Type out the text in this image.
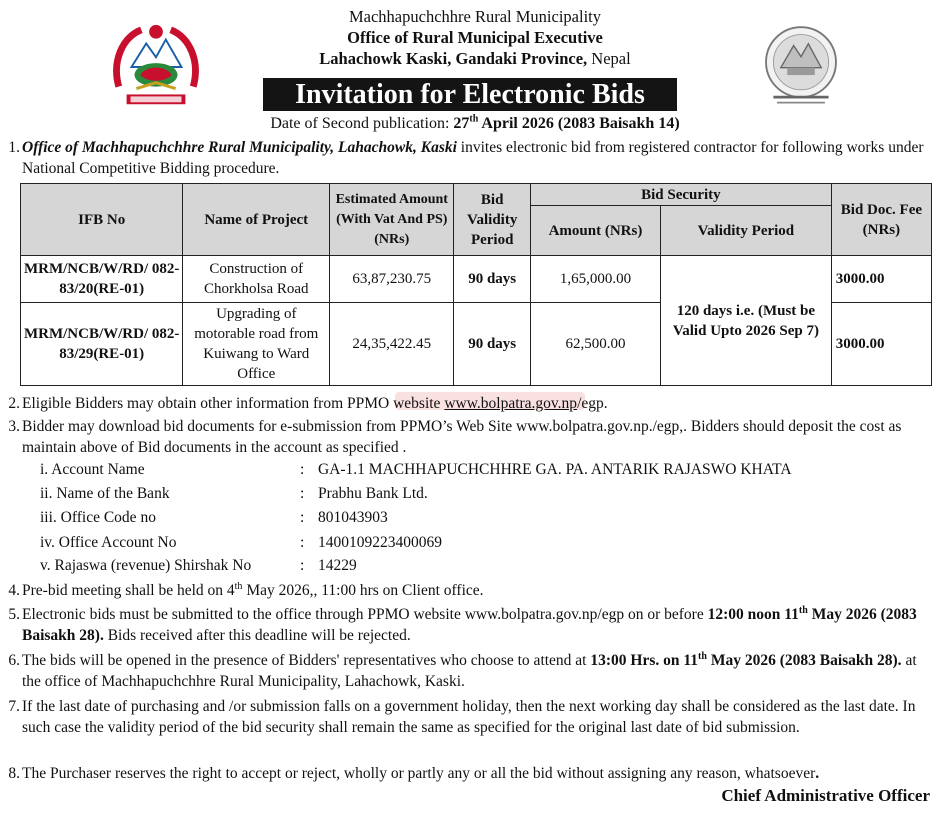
Machhapuchchhre Rural Municipality
Office of Rural Municipal Executive
Lahachowk Kaski, Gandaki Province, Nepal
Invitation for Electronic Bids
Date of Second publication: 27th April 2026 (2083 Baisakh 14)
1. Office of Machhapuchchhre Rural Municipality, Lahachowk, Kaski invites electronic bid from registered contractor for following works under National Competitive Bidding procedure.
IFB No	Name of Project	Estimated Amount (With Vat And PS) (NRs)	Bid Validity Period	Bid Security		Bid Doc. Fee (NRs)
				Amount (NRs)	Validity Period	
MRM/NCB/W/RD/ 082-83/20(RE-01)	Construction of Chorkholsa Road	63,87,230.75	90 days	1,65,000.00	120 days i.e. (Must be Valid Upto 2026 Sep 7)	3000.00
MRM/NCB/W/RD/ 082-83/29(RE-01)	Upgrading of motorable road from Kuiwang to Ward Office	24,35,422.45	90 days	62,500.00		3000.00
2. Eligible Bidders may obtain other information from PPMO website www.bolpatra.gov.np/egp.
3. Bidder may download bid documents for e-submission from PPMO’s Web Site www.bolpatra.gov.np./egp,. Bidders should deposit the cost as maintain above of Bid documents in the account as specified .
i. Account Name	: GA-1.1 MACHHAPUCHCHHRE GA. PA. ANTARIK RAJASWO KHATA
ii. Name of the Bank	: Prabhu Bank Ltd.
iii. Office Code no	: 801043903
iv. Office Account No	: 1400109223400069
v. Rajaswa (revenue) Shirshak No	: 14229
4. Pre-bid meeting shall be held on 4th May 2026,, 11:00 hrs on Client office.
5. Electronic bids must be submitted to the office through PPMO website www.bolpatra.gov.np/egp on or before 12:00 noon 11th May 2026 (2083 Baisakh 28). Bids received after this deadline will be rejected.
6. The bids will be opened in the presence of Bidders' representatives who choose to attend at 13:00 Hrs. on 11th May 2026 (2083 Baisakh 28). at the office of Machhapuchchhre Rural Municipality, Lahachowk, Kaski.
7. If the last date of purchasing and /or submission falls on a government holiday, then the next working day shall be considered as the last date. In such case the validity period of the bid security shall remain the same as specified for the original last date of bid submission.
8. The Purchaser reserves the right to accept or reject, wholly or partly any or all the bid without assigning any reason, whatsoever.
Chief Administrative Officer
